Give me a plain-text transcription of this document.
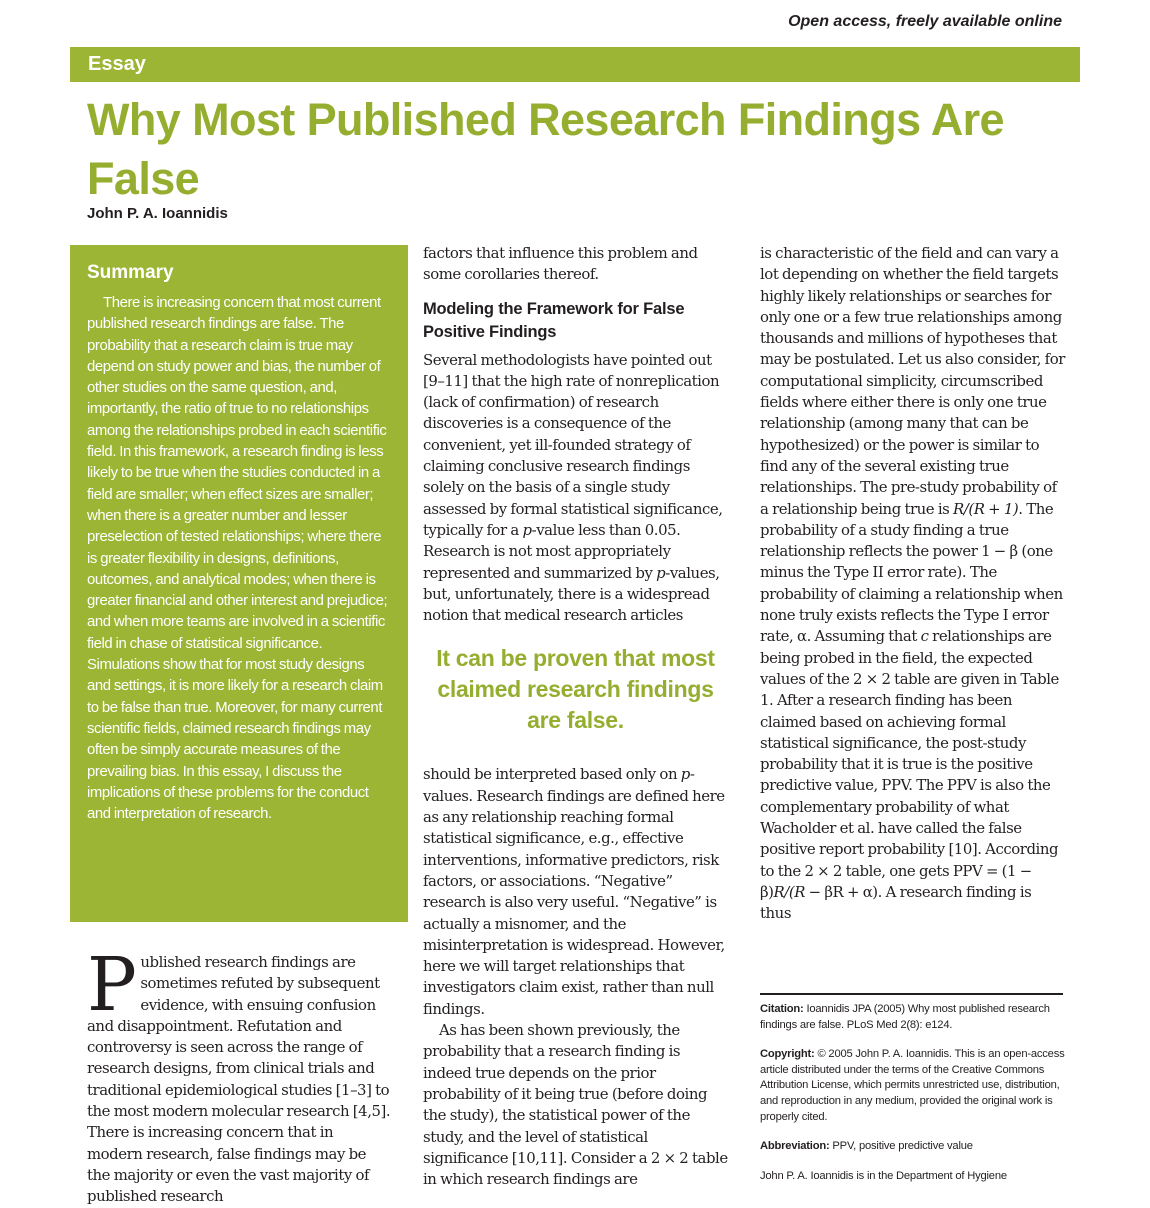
Open access, freely available online
Essay
Why Most Published Research Findings Are False
John P. A. Ioannidis
Summary

There is increasing concern that most current published research findings are false. The probability that a research claim is true may depend on study power and bias, the number of other studies on the same question, and, importantly, the ratio of true to no relationships among the relationships probed in each scientific field. In this framework, a research finding is less likely to be true when the studies conducted in a field are smaller; when effect sizes are smaller; when there is a greater number and lesser preselection of tested relationships; where there is greater flexibility in designs, definitions, outcomes, and analytical modes; when there is greater financial and other interest and prejudice; and when more teams are involved in a scientific field in chase of statistical significance. Simulations show that for most study designs and settings, it is more likely for a research claim to be false than true. Moreover, for many current scientific fields, claimed research findings may often be simply accurate measures of the prevailing bias. In this essay, I discuss the implications of these problems for the conduct and interpretation of research.

P ublished research findings are sometimes refuted by subsequent evidence, with ensuing confusion and disappointment. Refutation and controversy is seen across the range of research designs, from clinical trials and traditional epidemiological studies [1–3] to the most modern molecular research [4,5]. There is increasing concern that in modern research, false findings may be the majority or even the vast majority of published research

factors that influence this problem and some corollaries thereof.

Modeling the Framework for False Positive Findings

Several methodologists have pointed out [9–11] that the high rate of nonreplication (lack of confirmation) of research discoveries is a consequence of the convenient, yet ill-founded strategy of claiming conclusive research findings solely on the basis of a single study assessed by formal statistical significance, typically for a p-value less than 0.05. Research is not most appropriately represented and summarized by p-values, but, unfortunately, there is a widespread notion that medical research articles

It can be proven that most claimed research findings are false.

should be interpreted based only on p-values. Research findings are defined here as any relationship reaching formal statistical significance, e.g., effective interventions, informative predictors, risk factors, or associations. “Negative” research is also very useful. “Negative” is actually a misnomer, and the misinterpretation is widespread. However, here we will target relationships that investigators claim exist, rather than null findings.

As has been shown previously, the probability that a research finding is indeed true depends on the prior probability of it being true (before doing the study), the statistical power of the study, and the level of statistical significance [10,11]. Consider a 2 × 2 table in which research findings are

is characteristic of the field and can vary a lot depending on whether the field targets highly likely relationships or searches for only one or a few true relationships among thousands and millions of hypotheses that may be postulated. Let us also consider, for computational simplicity, circumscribed fields where either there is only one true relationship (among many that can be hypothesized) or the power is similar to find any of the several existing true relationships. The pre-study probability of a relationship being true is R/(R + 1). The probability of a study finding a true relationship reflects the power 1 − β (one minus the Type II error rate). The probability of claiming a relationship when none truly exists reflects the Type I error rate, α. Assuming that c relationships are being probed in the field, the expected values of the 2 × 2 table are given in Table 1. After a research finding has been claimed based on achieving formal statistical significance, the post-study probability that it is true is the positive predictive value, PPV. The PPV is also the complementary probability of what Wacholder et al. have called the false positive report probability [10]. According to the 2 × 2 table, one gets PPV = (1 − β)R/(R − βR + α). A research finding is thus

Citation: Ioannidis JPA (2005) Why most published research findings are false. PLoS Med 2(8): e124.

Copyright: © 2005 John P. A. Ioannidis. This is an open-access article distributed under the terms of the Creative Commons Attribution License, which permits unrestricted use, distribution, and reproduction in any medium, provided the original work is properly cited.

Abbreviation: PPV, positive predictive value

John P. A. Ioannidis is in the Department of Hygiene
